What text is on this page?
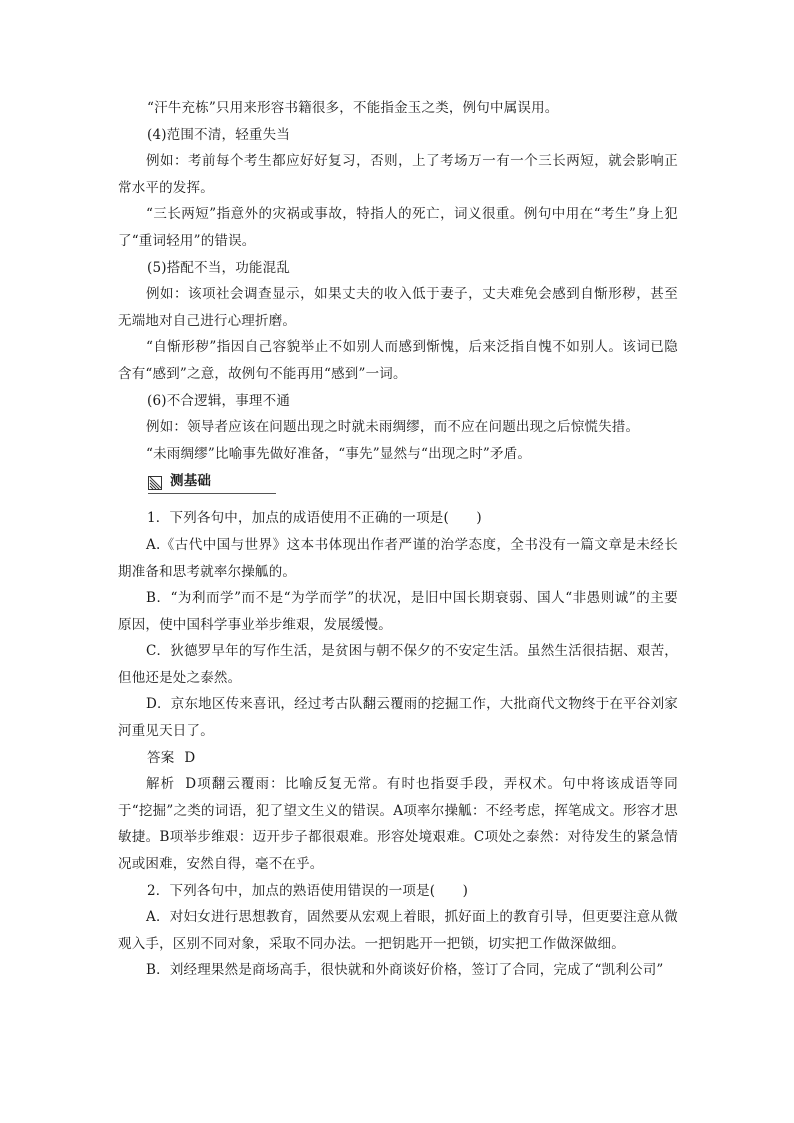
“汗牛充栋”只用来形容书籍很多，不能指金玉之类，例句中属误用。

(4)范围不清，轻重失当

例如：考前每个考生都应好好复习，否则，上了考场万一有一个三长两短，就会影响正常水平的发挥。

“三长两短”指意外的灾祸或事故，特指人的死亡，词义很重。例句中用在“考生”身上犯了“重词轻用”的错误。

(5)搭配不当，功能混乱

例如：该项社会调查显示，如果丈夫的收入低于妻子，丈夫难免会感到自惭形秽，甚至无端地对自己进行心理折磨。

“自惭形秽”指因自己容貌举止不如别人而感到惭愧，后来泛指自愧不如别人。该词已隐含有“感到”之意，故例句不能再用“感到”一词。

(6)不合逻辑，事理不通

例如：领导者应该在问题出现之时就未雨绸缪，而不应在问题出现之后惊慌失措。

“未雨绸缪”比喻事先做好准备，“事先”显然与“出现之时”矛盾。

测基础

1．下列各句中，加点的成语使用不正确的一项是(　　)

A.《古代中国与世界》这本书体现出作者严谨的治学态度，全书没有一篇文章是未经长期准备和思考就率尔操觚的。

B．“为利而学”而不是“为学而学”的状况，是旧中国长期衰弱、国人“非愚则诚”的主要原因，使中国科学事业举步维艰，发展缓慢。

C．狄德罗早年的写作生活，是贫困与朝不保夕的不安定生活。虽然生活很拮据、艰苦，但他还是处之泰然。

D．京东地区传来喜讯，经过考古队翻云覆雨的挖掘工作，大批商代文物终于在平谷刘家河重见天日了。

答案 D

解析 D项翻云覆雨：比喻反复无常。有时也指耍手段，弄权术。句中将该成语等同于“挖掘”之类的词语，犯了望文生义的错误。A项率尔操觚：不经考虑，挥笔成文。形容才思敏捷。B项举步维艰：迈开步子都很艰难。形容处境艰难。C项处之泰然：对待发生的紧急情况或困难，安然自得，毫不在乎。

2．下列各句中，加点的熟语使用错误的一项是(　　)

A．对妇女进行思想教育，固然要从宏观上着眼，抓好面上的教育引导，但更要注意从微观入手，区别不同对象，采取不同办法。一把钥匙开一把锁，切实把工作做深做细。

B．刘经理果然是商场高手，很快就和外商谈好价格，签订了合同，完成了“凯利公司”
